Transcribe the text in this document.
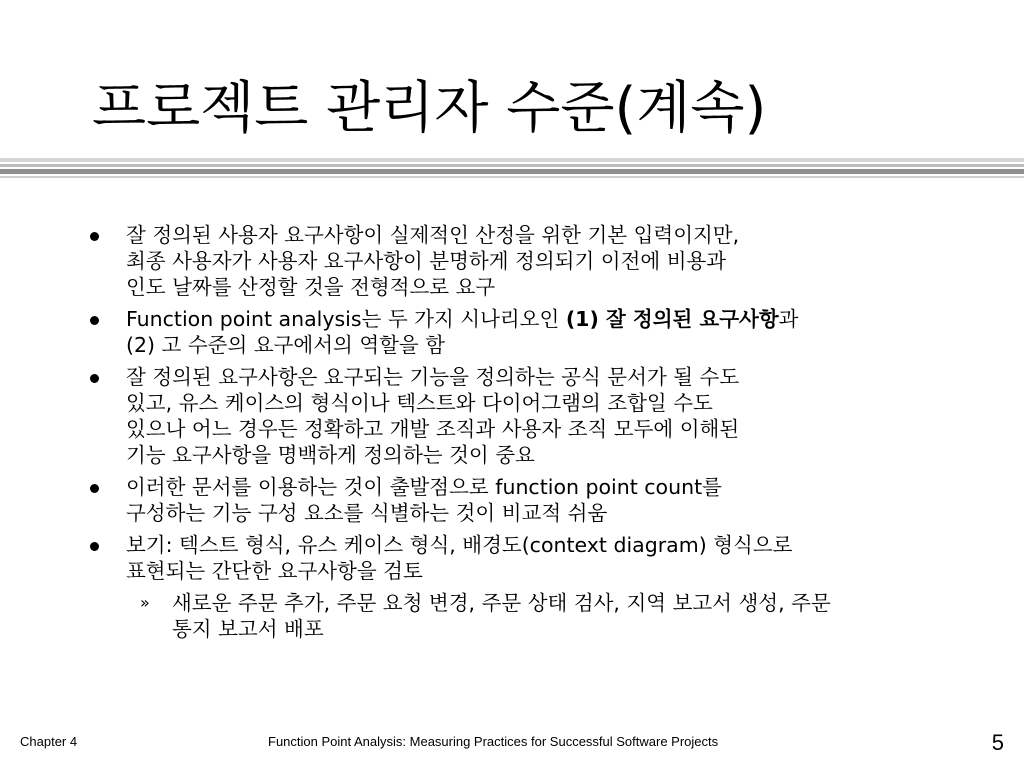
프로젝트 관리자 수준(계속)
잘 정의된 사용자 요구사항이 실제적인 산정을 위한 기본 입력이지만,
최종 사용자가 사용자 요구사항이 분명하게 정의되기 이전에 비용과
인도 날짜를 산정할 것을 전형적으로 요구
Function point analysis는 두 가지 시나리오인 (1) 잘 정의된 요구사항과
(2) 고 수준의 요구에서의 역할을 함
잘 정의된 요구사항은 요구되는 기능을 정의하는 공식 문서가 될 수도
있고, 유스 케이스의 형식이나 텍스트와 다이어그램의 조합일 수도
있으나 어느 경우든 정확하고 개발 조직과 사용자 조직 모두에 이해된
기능 요구사항을 명백하게 정의하는 것이 중요
이러한 문서를 이용하는 것이 출발점으로 function point count를
구성하는 기능 구성 요소를 식별하는 것이 비교적 쉬움
보기: 텍스트 형식, 유스 케이스 형식, 배경도(context diagram) 형식으로
표현되는 간단한 요구사항을 검토
» 새로운 주문 추가, 주문 요청 변경, 주문 상태 검사, 지역 보고서 생성, 주문
통지 보고서 배포
Chapter 4	Function Point Analysis: Measuring Practices for Successful Software Projects	5
